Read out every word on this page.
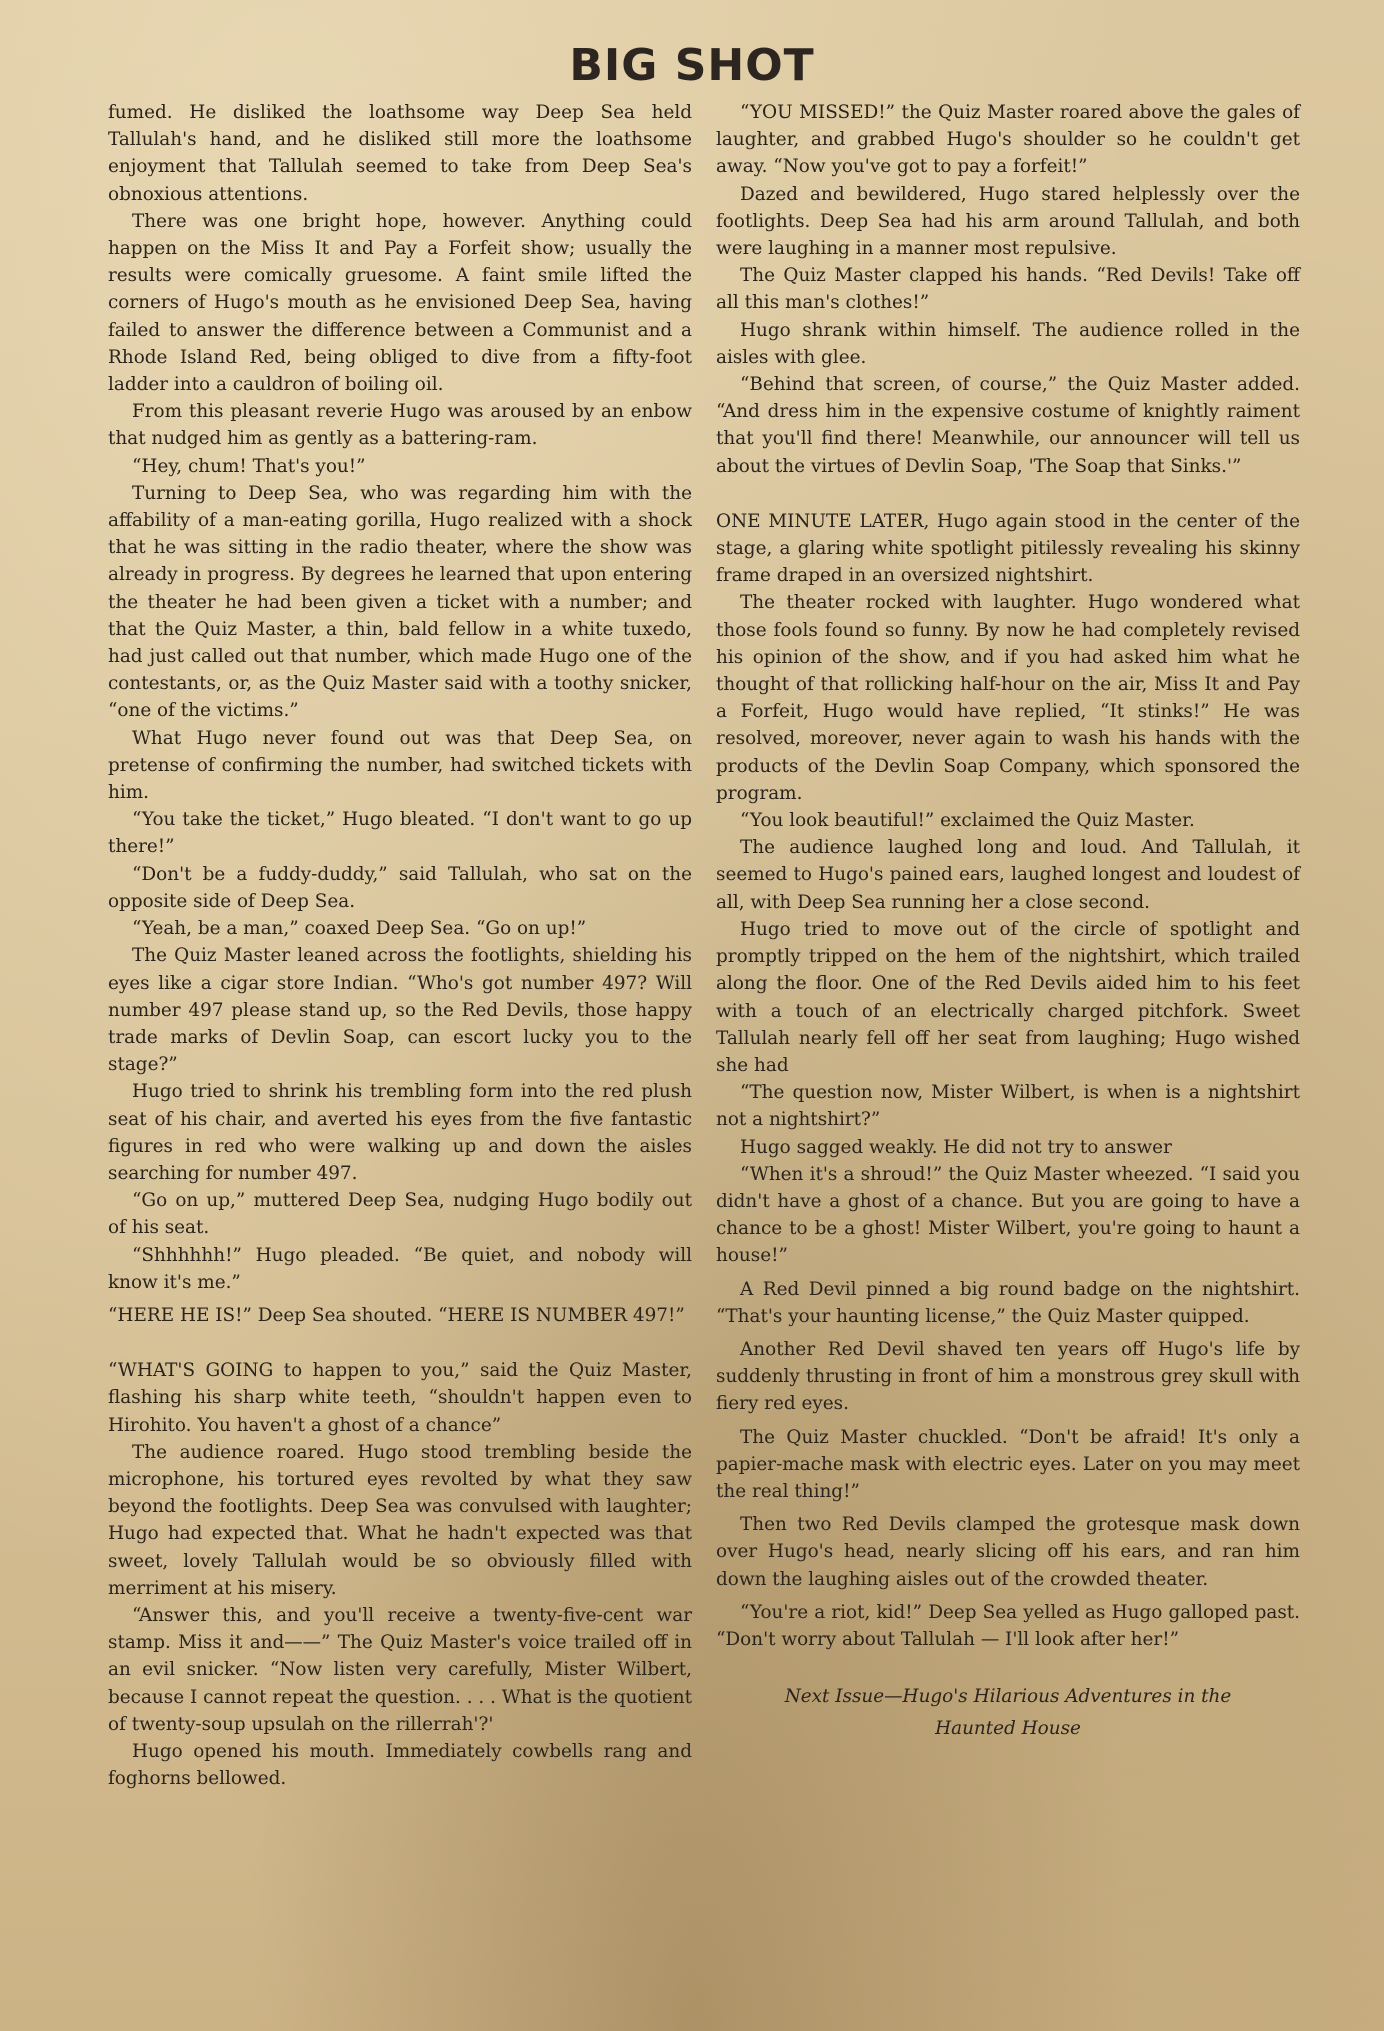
BIG SHOT

fumed. He disliked the loathsome way Deep Sea held Tallulah's hand, and he disliked still more the loathsome enjoyment that Tallulah seemed to take from Deep Sea's obnoxious attentions.

There was one bright hope, however. Anything could happen on the Miss It and Pay a Forfeit show; usually the results were comically gruesome. A faint smile lifted the corners of Hugo's mouth as he envisioned Deep Sea, having failed to answer the difference between a Communist and a Rhode Island Red, being obliged to dive from a fifty-foot ladder into a cauldron of boiling oil.

From this pleasant reverie Hugo was aroused by an enbow that nudged him as gently as a battering-ram.

“Hey, chum! That's you!”

Turning to Deep Sea, who was regarding him with the affability of a man-eating gorilla, Hugo realized with a shock that he was sitting in the radio theater, where the show was already in progress. By degrees he learned that upon entering the theater he had been given a ticket with a number; and that the Quiz Master, a thin, bald fellow in a white tuxedo, had just called out that number, which made Hugo one of the contestants, or, as the Quiz Master said with a toothy snicker, “one of the victims.”

What Hugo never found out was that Deep Sea, on pretense of confirming the number, had switched tickets with him.

“You take the ticket,” Hugo bleated. “I don't want to go up there!”

“Don't be a fuddy-duddy,” said Tallulah, who sat on the opposite side of Deep Sea.

“Yeah, be a man,” coaxed Deep Sea. “Go on up!”

The Quiz Master leaned across the footlights, shielding his eyes like a cigar store Indian. “Who's got number 497? Will number 497 please stand up, so the Red Devils, those happy trade marks of Devlin Soap, can escort lucky you to the stage?”

Hugo tried to shrink his trembling form into the red plush seat of his chair, and averted his eyes from the five fantastic figures in red who were walking up and down the aisles searching for number 497.

“Go on up,” muttered Deep Sea, nudging Hugo bodily out of his seat.

“Shhhhhh!” Hugo pleaded. “Be quiet, and nobody will know it's me.”

“HERE HE IS!” Deep Sea shouted. “HERE IS NUMBER 497!”

“WHAT'S GOING to happen to you,” said the Quiz Master, flashing his sharp white teeth, “shouldn't happen even to Hirohito. You haven't a ghost of a chance”

The audience roared. Hugo stood trembling beside the microphone, his tortured eyes revolted by what they saw beyond the footlights. Deep Sea was convulsed with laughter; Hugo had expected that. What he hadn't expected was that sweet, lovely Tallulah would be so obviously filled with merriment at his misery.

“Answer this, and you'll receive a twenty-five-cent war stamp. Miss it and——” The Quiz Master's voice trailed off in an evil snicker. “Now listen very carefully, Mister Wilbert, because I cannot repeat the question. . . . What is the quotient of twenty-soup upsulah on the rillerrah'?'

Hugo opened his mouth. Immediately cowbells rang and foghorns bellowed.

“YOU MISSED!” the Quiz Master roared above the gales of laughter, and grabbed Hugo's shoulder so he couldn't get away. “Now you've got to pay a forfeit!”

Dazed and bewildered, Hugo stared helplessly over the footlights. Deep Sea had his arm around Tallulah, and both were laughing in a manner most repulsive.

The Quiz Master clapped his hands. “Red Devils! Take off all this man's clothes!”

Hugo shrank within himself. The audience rolled in the aisles with glee.

“Behind that screen, of course,” the Quiz Master added. “And dress him in the expensive costume of knightly raiment that you'll find there! Meanwhile, our announcer will tell us about the virtues of Devlin Soap, 'The Soap that Sinks.'”

ONE MINUTE LATER, Hugo again stood in the center of the stage, a glaring white spotlight pitilessly revealing his skinny frame draped in an oversized nightshirt.

The theater rocked with laughter. Hugo wondered what those fools found so funny. By now he had completely revised his opinion of the show, and if you had asked him what he thought of that rollicking half-hour on the air, Miss It and Pay a Forfeit, Hugo would have replied, “It stinks!” He was resolved, moreover, never again to wash his hands with the products of the Devlin Soap Company, which sponsored the program.

“You look beautiful!” exclaimed the Quiz Master.

The audience laughed long and loud. And Tallulah, it seemed to Hugo's pained ears, laughed longest and loudest of all, with Deep Sea running her a close second.

Hugo tried to move out of the circle of spotlight and promptly tripped on the hem of the nightshirt, which trailed along the floor. One of the Red Devils aided him to his feet with a touch of an electrically charged pitchfork. Sweet Tallulah nearly fell off her seat from laughing; Hugo wished she had

“The question now, Mister Wilbert, is when is a nightshirt not a nightshirt?”

Hugo sagged weakly. He did not try to answer

“When it's a shroud!” the Quiz Master wheezed. “I said you didn't have a ghost of a chance. But you are going to have a chance to be a ghost! Mister Wilbert, you're going to haunt a house!”

A Red Devil pinned a big round badge on the nightshirt. “That's your haunting license,” the Quiz Master quipped.

Another Red Devil shaved ten years off Hugo's life by suddenly thrusting in front of him a monstrous grey skull with fiery red eyes.

The Quiz Master chuckled. “Don't be afraid! It's only a papier-mache mask with electric eyes. Later on you may meet the real thing!”

Then two Red Devils clamped the grotesque mask down over Hugo's head, nearly slicing off his ears, and ran him down the laughing aisles out of the crowded theater.

“You're a riot, kid!” Deep Sea yelled as Hugo galloped past. “Don't worry about Tallulah — I'll look after her!”

Next Issue—Hugo's Hilarious Adventures in the
Haunted House
